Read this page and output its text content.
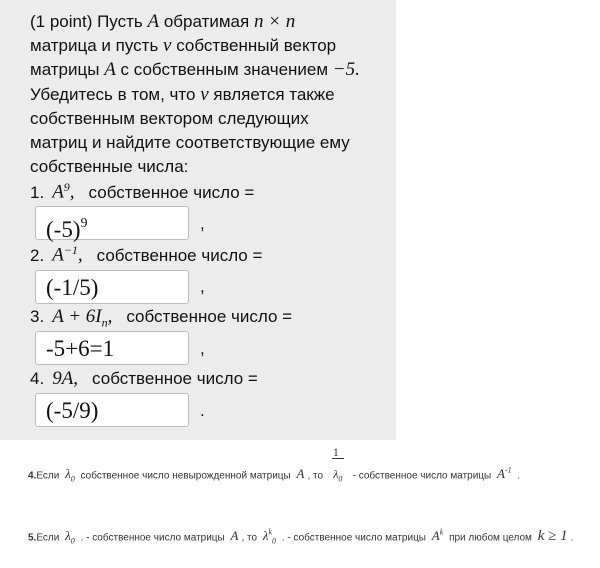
(1 point) Пусть A обратимая n × n
матрица и пусть v собственный вектор
матрицы A с собственным значением −5.
Убедитесь в том, что v является также
собственным вектором следующих
матриц и найдите соответствующие ему
собственные числа:
1. $A^9$, собственное число =
$(-5)^9$	,
2. $A^{-1}$, собственное число =
(-1/5)	,
3. $A + 6I_n$, собственное число =
-5+6=1	,
4. 9A, собственное число =
(-5/9)	.
4.Если $\lambda_0$ собственное число невырожденной матрицы A , то $\frac{1}{\lambda_0}$ - собственное число матрицы $A^{-1}$ .
5.Если $\lambda_0$ . - собственное число матрицы A , то $\lambda^k_0$ . - собственное число матрицы $A^k$ при любом целом k ≥ 1 .
